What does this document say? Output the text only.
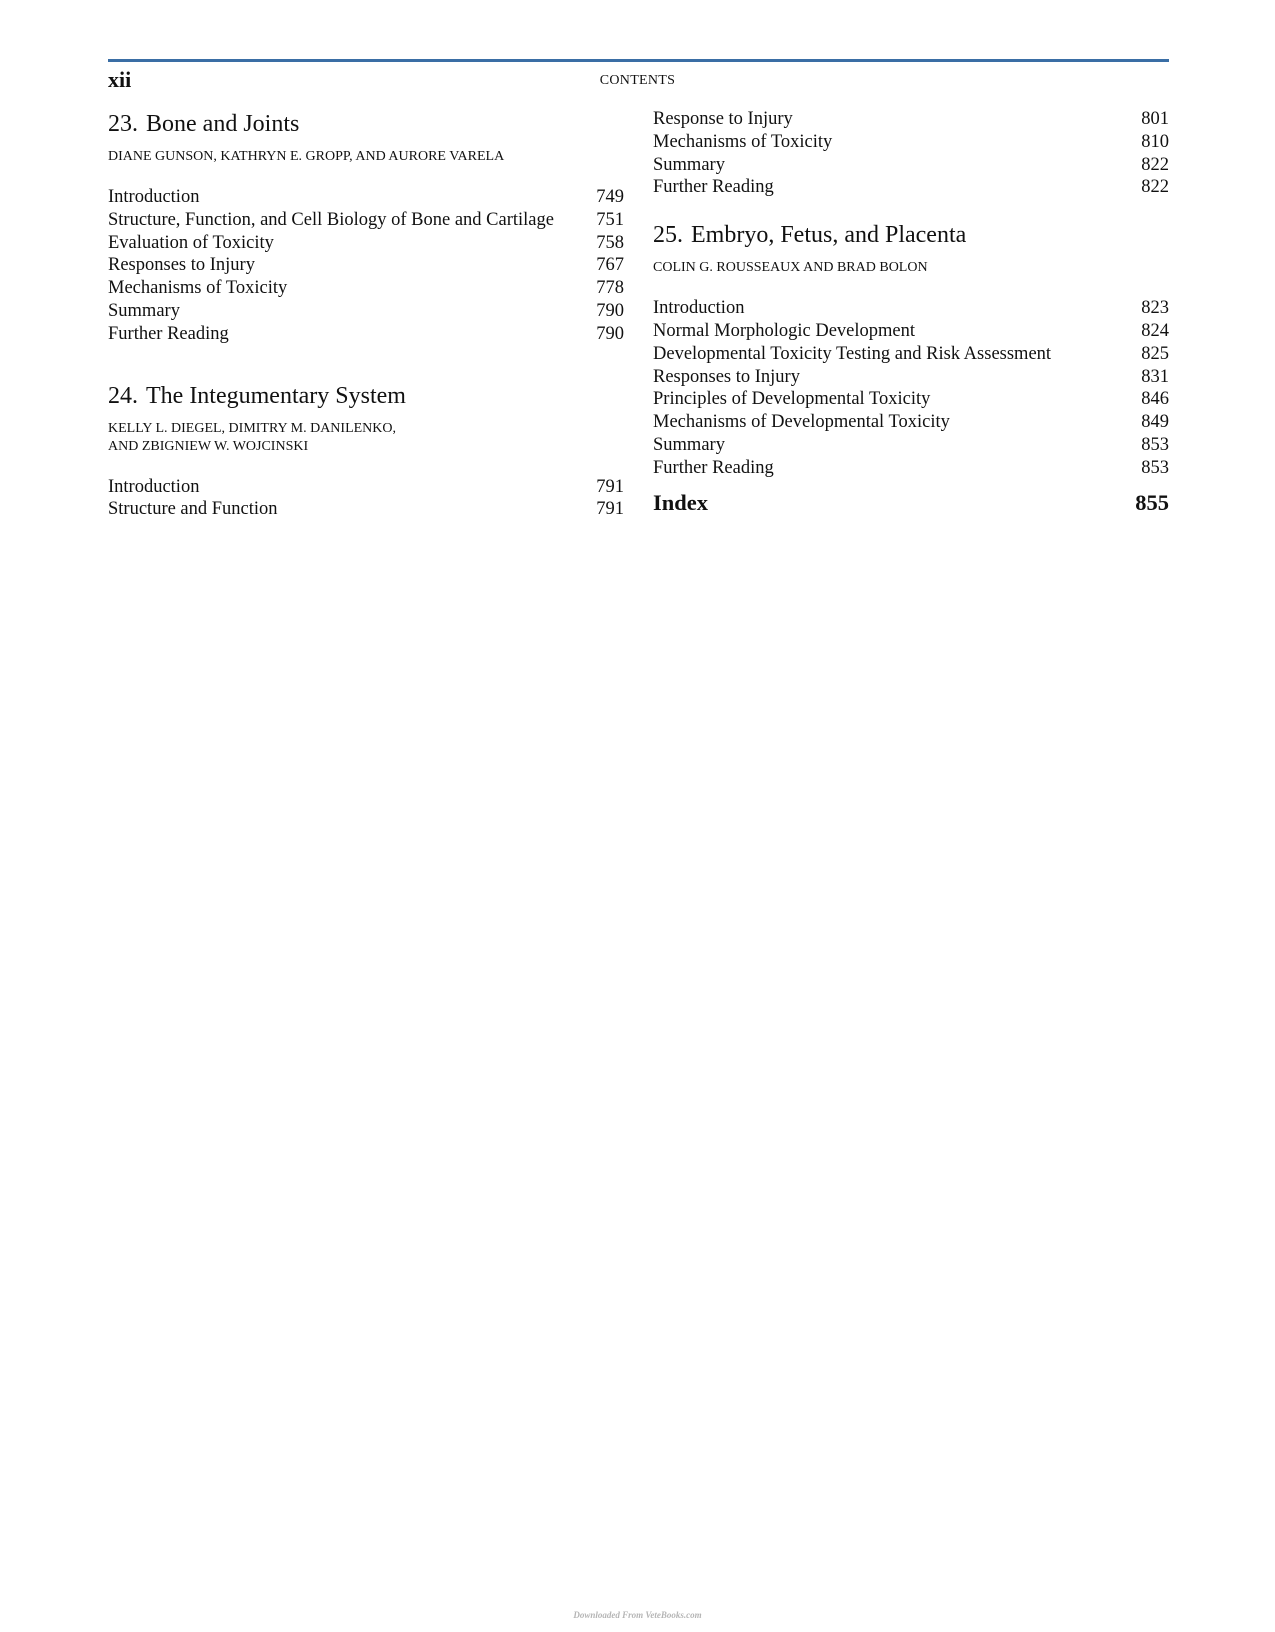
xii	CONTENTS
23. Bone and Joints
DIANE GUNSON, KATHRYN E. GROPP, AND AURORE VARELA
Introduction	749
Structure, Function, and Cell Biology of Bone and Cartilage 751
Evaluation of Toxicity	758
Responses to Injury	767
Mechanisms of Toxicity	778
Summary	790
Further Reading	790
24. The Integumentary System
KELLY L. DIEGEL, DIMITRY M. DANILENKO,
AND ZBIGNIEW W. WOJCINSKI
Introduction	791
Structure and Function	791
Response to Injury	801
Mechanisms of Toxicity	810
Summary	822
Further Reading	822
25. Embryo, Fetus, and Placenta
COLIN G. ROUSSEAUX AND BRAD BOLON
Introduction	823
Normal Morphologic Development	824
Developmental Toxicity Testing and Risk Assessment	825
Responses to Injury	831
Principles of Developmental Toxicity	846
Mechanisms of Developmental Toxicity	849
Summary	853
Further Reading	853
Index	855
Downloaded From VeteBooks.com
